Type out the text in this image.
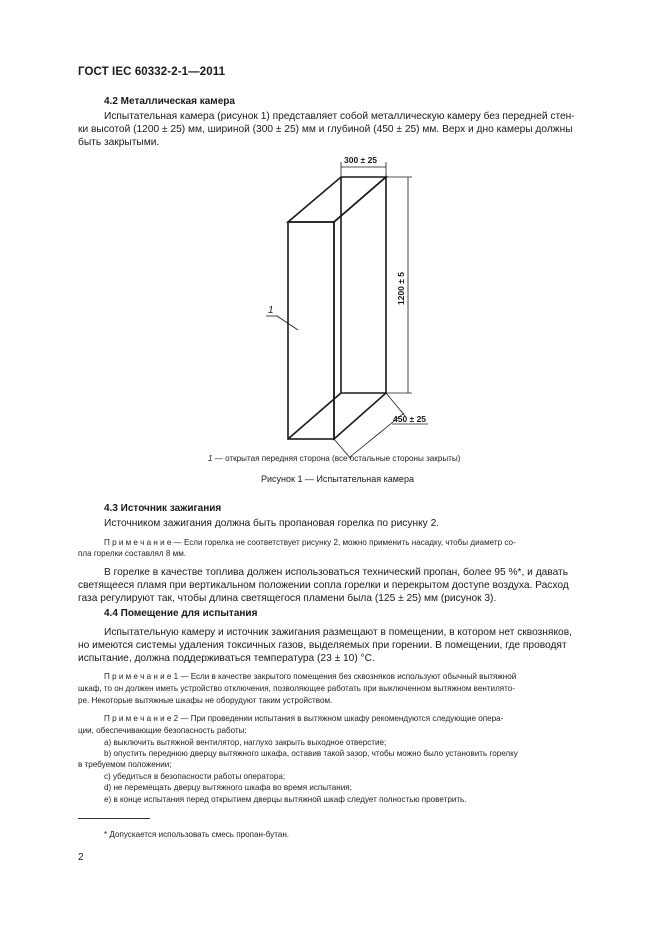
ГОСТ IEC 60332-2-1—2011
4.2 Металлическая камера
Испытательная камера (рисунок 1) представляет собой металлическую камеру без передней стен-
ки высотой (1200 ± 25) мм, шириной (300 ± 25) мм и глубиной (450 ± 25) мм. Верх и дно камеры должны
быть закрытыми.
300 ± 25
1200 ± 5
450 ± 25
1
1 — открытая передняя сторона (все остальные стороны закрыты)
Рисунок 1 — Испытательная камера
4.3 Источник зажигания
Источником зажигания должна быть пропановая горелка по рисунку 2.
П р и м е ч а н и е — Если горелка не соответствует рисунку 2, можно применить насадку, чтобы диаметр со-
пла горелки составлял 8 мм.
В горелке в качестве топлива должен использоваться технический пропан, более 95 %*, и давать
светящееся пламя при вертикальном положении сопла горелки и перекрытом доступе воздуха. Расход
газа регулируют так, чтобы длина светящегося пламени была (125 ± 25) мм (рисунок 3).
4.4 Помещение для испытания
Испытательную камеру и источник зажигания размещают в помещении, в котором нет сквозняков,
но имеются системы удаления токсичных газов, выделяемых при горении. В помещении, где проводят
испытание, должна поддерживаться температура (23 ± 10) °С.
П р и м е ч а н и е 1 — Если в качестве закрытого помещения без сквозняков используют обычный вытяжной
шкаф, то он должен иметь устройство отключения, позволяющее работать при выключенном вытяжном вентилято-
ре. Некоторые вытяжные шкафы не оборудуют таким устройством.
П р и м е ч а н и е 2 — При проведении испытания в вытяжном шкафу рекомендуются следующие опера-
ции, обеспечивающие безопасность работы:
a) выключить вытяжной вентилятор, наглухо закрыть выходное отверстие;
b) опустить переднюю дверцу вытяжного шкафа, оставив такой зазор, чтобы можно было установить горелку
в требуемом положении;
c) убедиться в безопасности работы оператора;
d) не перемещать дверцу вытяжного шкафа во время испытания;
e) в конце испытания перед открытием дверцы вытяжной шкаф следует полностью проветрить.
* Допускается использовать смесь пропан-бутан.
2
